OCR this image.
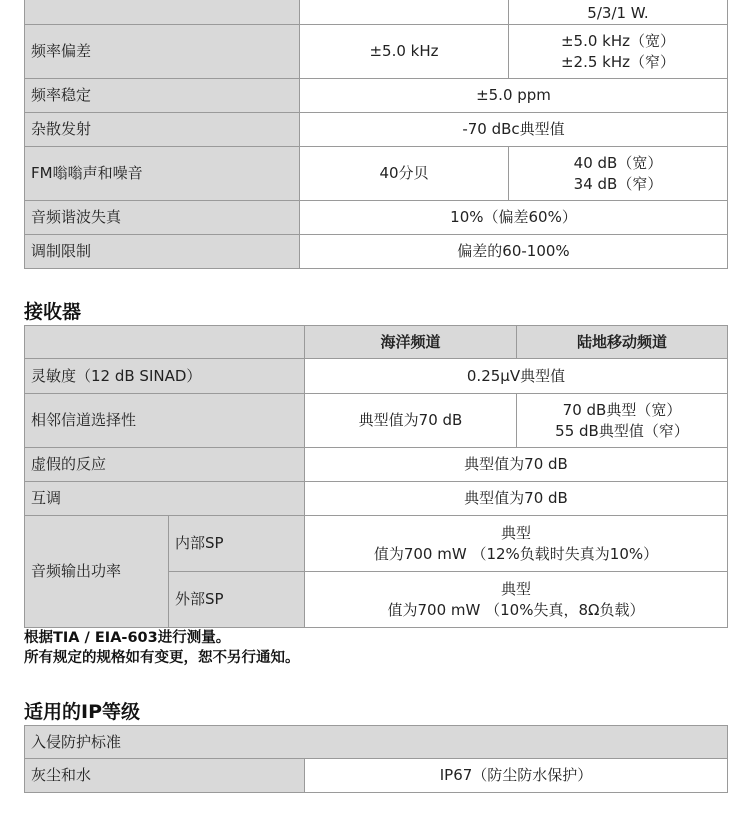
		5/3/1 W.
频率偏差	±5.0 kHz	±5.0 kHz（宽）
±2.5 kHz（窄）

频率稳定	±5.0 ppm	
杂散发射	-70 dBc典型值	
FM嗡嗡声和噪音	40分贝	40 dB（宽）
34 dB（窄）

音频谐波失真	10%（偏差60%）	
调制限制	偏差的60-100%	
接收器
		海洋频道	陆地移动频道
灵敏度（12 dB SINAD）		0.25μV典型值	
相邻信道选择性		典型值为70 dB	70 dB典型（宽）
55 dB典型值（窄）

虚假的反应		典型值为70 dB	
互调		典型值为70 dB	
音频输出功率	内部SP	典型
值为700 mW （12%负载时失真为10%）	

	外部SP	典型
值为700 mW （10%失真，8Ω负载）	
根据TIA / EIA-603进行测量。
所有规定的规格如有变更，恕不另行通知。
适用的IP等级
入侵防护标准
灰尘和水	IP67（防尘防水保护）
